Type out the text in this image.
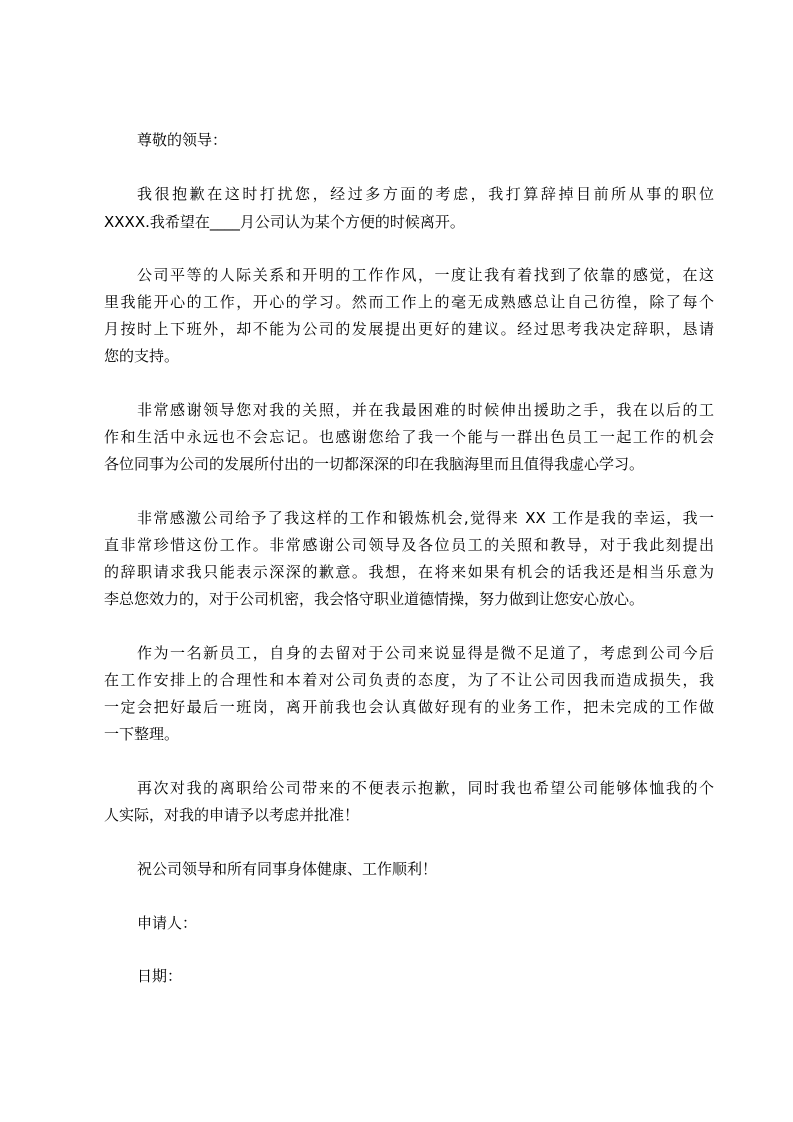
尊敬的领导：
我很抱歉在这时打扰您，经过多方面的考虑，我打算辞掉目前所从事的职位
XXXX.我希望在____月公司认为某个方便的时候离开。
公司平等的人际关系和开明的工作作风，一度让我有着找到了依靠的感觉，在这
里我能开心的工作，开心的学习。然而工作上的毫无成熟感总让自己彷徨，除了每个
月按时上下班外，却不能为公司的发展提出更好的建议。经过思考我决定辞职，恳请
您的支持。
非常感谢领导您对我的关照，并在我最困难的时候伸出援助之手，我在以后的工
作和生活中永远也不会忘记。也感谢您给了我一个能与一群出色员工一起工作的机会
各位同事为公司的发展所付出的一切都深深的印在我脑海里而且值得我虚心学习。
非常感激公司给予了我这样的工作和锻炼机会,觉得来 XX 工作是我的幸运，我一
直非常珍惜这份工作。非常感谢公司领导及各位员工的关照和教导，对于我此刻提出
的辞职请求我只能表示深深的歉意。我想，在将来如果有机会的话我还是相当乐意为
李总您效力的，对于公司机密，我会恪守职业道德情操，努力做到让您安心放心。
作为一名新员工，自身的去留对于公司来说显得是微不足道了，考虑到公司今后
在工作安排上的合理性和本着对公司负责的态度，为了不让公司因我而造成损失，我
一定会把好最后一班岗，离开前我也会认真做好现有的业务工作，把未完成的工作做
一下整理。
再次对我的离职给公司带来的不便表示抱歉，同时我也希望公司能够体恤我的个
人实际，对我的申请予以考虑并批准！
祝公司领导和所有同事身体健康、工作顺利！
申请人：
日期：
